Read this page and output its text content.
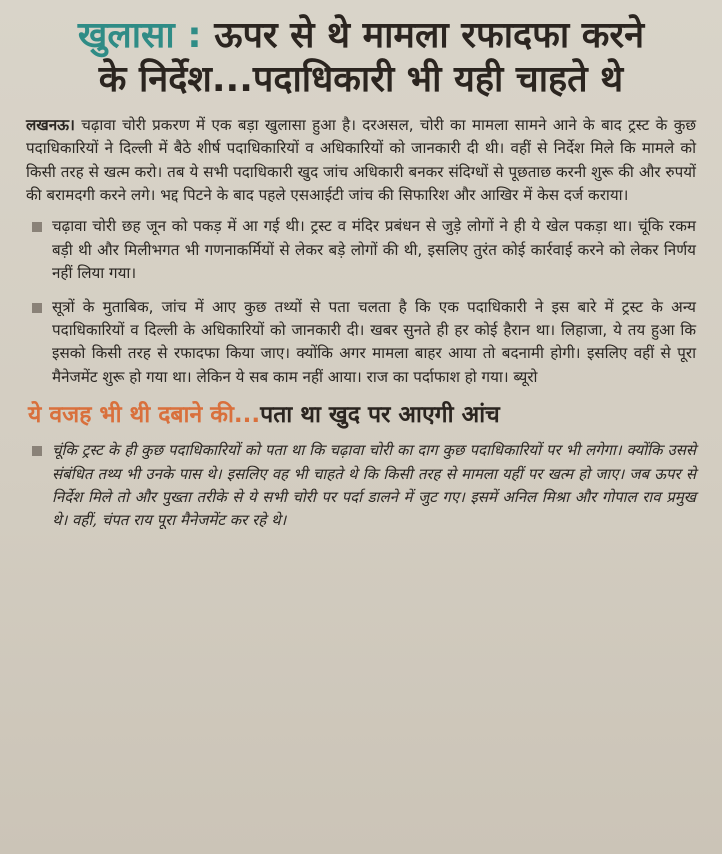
खुलासा : ऊपर से थे मामला रफादफा करने
के निर्देश...पदाधिकारी भी यही चाहते थे

लखनऊ। चढ़ावा चोरी प्रकरण में एक बड़ा खुलासा हुआ है। दरअसल, चोरी का मामला सामने आने के बाद ट्रस्ट के कुछ पदाधिकारियों ने दिल्ली में बैठे शीर्ष पदाधिकारियों व अधिकारियों को जानकारी दी थी। वहीं से निर्देश मिले कि मामले को किसी तरह से खत्म करो। तब ये सभी पदाधिकारी खुद जांच अधिकारी बनकर संदिग्धों से पूछताछ करनी शुरू की और रुपयों की बरामदगी करने लगे। भद्द पिटने के बाद पहले एसआईटी जांच की सिफारिश और आखिर में केस दर्ज कराया।

चढ़ावा चोरी छह जून को पकड़ में आ गई थी। ट्रस्ट व मंदिर प्रबंधन से जुड़े लोगों ने ही ये खेल पकड़ा था। चूंकि रकम बड़ी थी और मिलीभगत भी गणनाकर्मियों से लेकर बड़े लोगों की थी, इसलिए तुरंत कोई कार्रवाई करने को लेकर निर्णय नहीं लिया गया।
सूत्रों के मुताबिक, जांच में आए कुछ तथ्यों से पता चलता है कि एक पदाधिकारी ने इस बारे में ट्रस्ट के अन्य पदाधिकारियों व दिल्ली के अधिकारियों को जानकारी दी। खबर सुनते ही हर कोई हैरान था। लिहाजा, ये तय हुआ कि इसको किसी तरह से रफादफा किया जाए। क्योंकि अगर मामला बाहर आया तो बदनामी होगी। इसलिए वहीं से पूरा मैनेजमेंट शुरू हो गया था। लेकिन ये सब काम नहीं आया। राज का पर्दाफाश हो गया। ब्यूरो
ये वजह भी थी दबाने की...पता था खुद पर आएगी आंच
चूंकि ट्रस्ट के ही कुछ पदाधिकारियों को पता था कि चढ़ावा चोरी का दाग कुछ पदाधिकारियों पर भी लगेगा। क्योंकि उससे संबंधित तथ्य भी उनके पास थे। इसलिए वह भी चाहते थे कि किसी तरह से मामला यहीं पर खत्म हो जाए। जब ऊपर से निर्देश मिले तो और पुख्ता तरीके से ये सभी चोरी पर पर्दा डालने में जुट गए। इसमें अनिल मिश्रा और गोपाल राव प्रमुख थे। वहीं, चंपत राय पूरा मैनेजमेंट कर रहे थे।
